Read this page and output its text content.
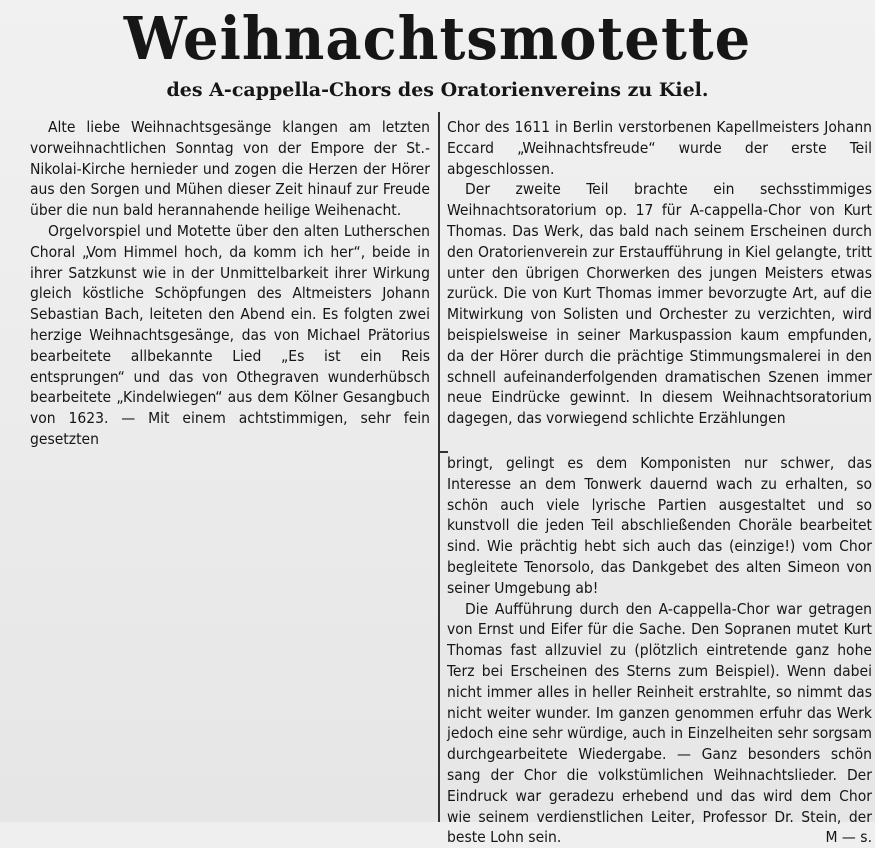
Weihnachtsmotette
des A-cappella-Chors des Oratorienvereins zu Kiel.

Alte liebe Weihnachtsgesänge klangen am letzten vorweihnachtlichen Sonntag von der Empore der St.-Nikolai-Kirche hernieder und zogen die Herzen der Hörer aus den Sorgen und Mühen dieser Zeit hinauf zur Freude über die nun bald herannahende heilige Weihenacht.

Orgelvorspiel und Motette über den alten Lutherschen Choral „Vom Himmel hoch, da komm ich her“, beide in ihrer Satzkunst wie in der Unmittelbarkeit ihrer Wirkung gleich köstliche Schöpfungen des Altmeisters Johann Sebastian Bach, leiteten den Abend ein. Es folgten zwei herzige Weihnachtsgesänge, das von Michael Prätorius bearbeitete allbekannte Lied „Es ist ein Reis entsprungen“ und das von Othegraven wunderhübsch bearbeitete „Kindelwiegen“ aus dem Kölner Gesangbuch von 1623. — Mit einem achtstimmigen, sehr fein gesetzten

Chor des 1611 in Berlin verstorbenen Kapellmeisters Johann Eccard „Weihnachtsfreude“ wurde der erste Teil abgeschlossen.

Der zweite Teil brachte ein sechsstimmiges Weihnachtsoratorium op. 17 für A-cappella-Chor von Kurt Thomas. Das Werk, das bald nach seinem Erscheinen durch den Oratorienverein zur Erstaufführung in Kiel gelangte, tritt unter den übrigen Chorwerken des jungen Meisters etwas zurück. Die von Kurt Thomas immer bevorzugte Art, auf die Mitwirkung von Solisten und Orchester zu verzichten, wird beispielsweise in seiner Markuspassion kaum empfunden, da der Hörer durch die prächtige Stimmungsmalerei in den schnell aufeinanderfolgenden dramatischen Szenen immer neue Eindrücke gewinnt. In diesem Weihnachtsoratorium dagegen, das vorwiegend schlichte Erzählungen

bringt, gelingt es dem Komponisten nur schwer, das Interesse an dem Tonwerk dauernd wach zu erhalten, so schön auch viele lyrische Partien ausgestaltet und so kunstvoll die jeden Teil abschließenden Choräle bearbeitet sind. Wie prächtig hebt sich auch das (einzige!) vom Chor begleitete Tenorsolo, das Dankgebet des alten Simeon von seiner Umgebung ab!

Die Aufführung durch den A-cappella-Chor war getragen von Ernst und Eifer für die Sache. Den Sopranen mutet Kurt Thomas fast allzuviel zu (plötzlich eintretende ganz hohe Terz bei Erscheinen des Sterns zum Beispiel). Wenn dabei nicht immer alles in heller Reinheit erstrahlte, so nimmt das nicht weiter wunder. Im ganzen genommen erfuhr das Werk jedoch eine sehr würdige, auch in Einzelheiten sehr sorgsam durchgearbeitete Wiedergabe. — Ganz besonders schön sang der Chor die volkstümlichen Weihnachtslieder. Der Eindruck war geradezu erhebend und das wird dem Chor wie seinem verdienstlichen Leiter, Professor Dr. Stein, der beste Lohn sein.	M — s.
